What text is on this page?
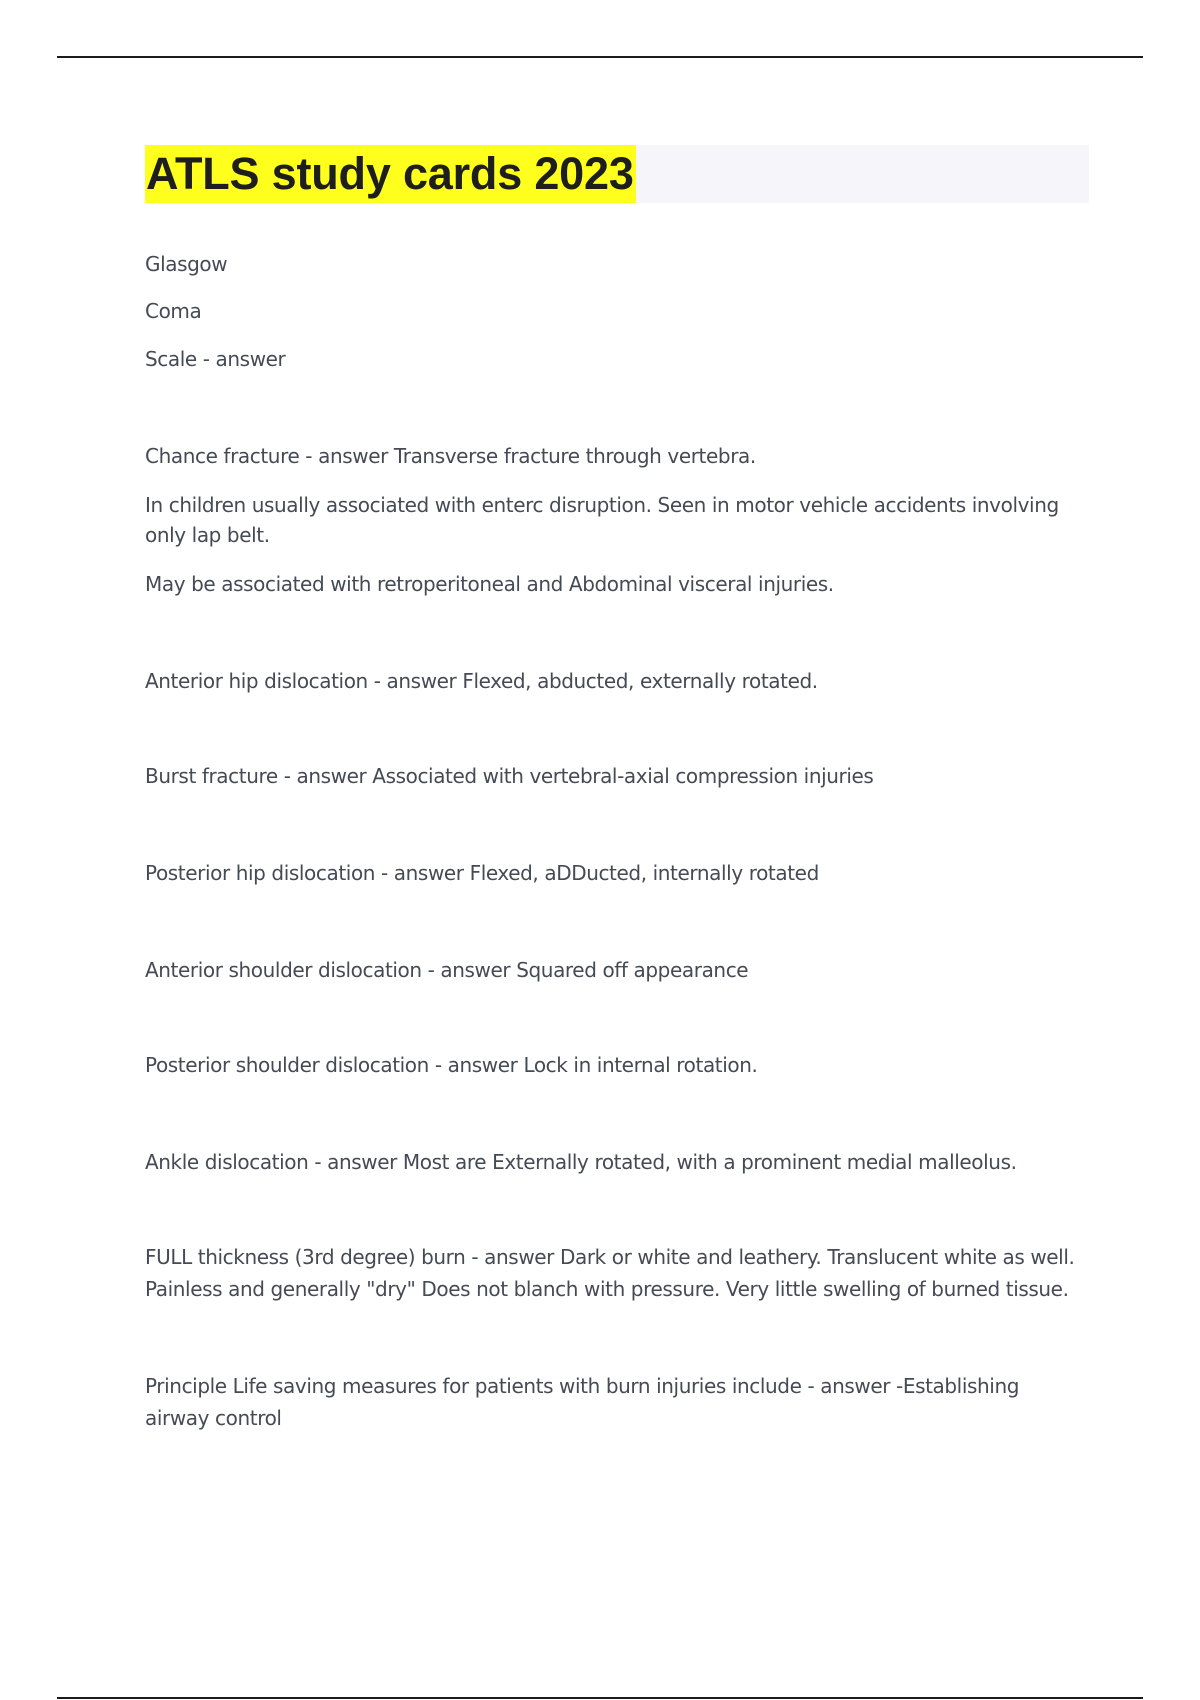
ATLS study cards 2023
Glasgow
Coma
Scale - answer
Chance fracture - answer Transverse fracture through vertebra.
In children usually associated with enterc disruption. Seen in motor vehicle accidents involving
only lap belt.
May be associated with retroperitoneal and Abdominal visceral injuries.
Anterior hip dislocation - answer Flexed, abducted, externally rotated.
Burst fracture - answer Associated with vertebral-axial compression injuries
Posterior hip dislocation - answer Flexed, aDDucted, internally rotated
Anterior shoulder dislocation - answer Squared off appearance
Posterior shoulder dislocation - answer Lock in internal rotation.
Ankle dislocation - answer Most are Externally rotated, with a prominent medial malleolus.
FULL thickness (3rd degree) burn - answer Dark or white and leathery. Translucent white as well.
Painless and generally "dry" Does not blanch with pressure. Very little swelling of burned tissue.
Principle Life saving measures for patients with burn injuries include - answer -Establishing
airway control
